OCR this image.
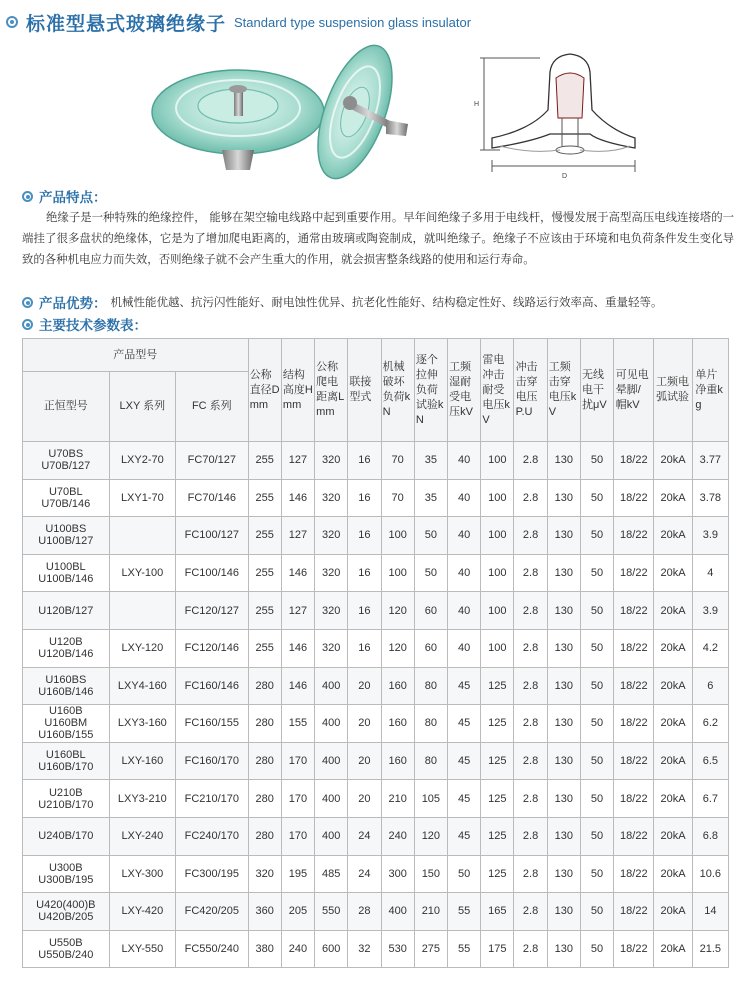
标准型悬式玻璃绝缘子 Standard type suspension glass insulator
H
D
产品特点：
绝缘子是一种特殊的绝缘控件， 能够在架空输电线路中起到重要作用。早年间绝缘子多用于电线杆，慢慢发展于高型高压电线连接塔的一端挂了很多盘状的绝缘体，它是为了增加爬电距离的，通常由玻璃或陶瓷制成，就叫绝缘子。绝缘子不应该由于环境和电负荷条件发生变化导致的各种机电应力而失效，否则绝缘子就不会产生重大的作用，就会损害整条线路的使用和运行寿命。
产品优势： 机械性能优越、抗污闪性能好、耐电蚀性优异、抗老化性能好、结构稳定性好、线路运行效率高、重量轻等。
主要技术参数表：
产品型号			公称直径D mm	结构高度H mm	公称爬电距离L mm	联接型式	机械破坏负荷kN	逐个拉伸负荷试验kN	工频湿耐受电压kV	雷电冲击耐受电压kV	冲击击穿电压P.U	工频击穿电压kV	无线电干扰μV	可见电晕脚/帽kV	工频电弧试验	单片净重kg
正恒型号	LXY 系列	FC 系列														
U70BS
U70B/127	LXY2-70	FC70/127	255	127	320	16	70	35	40	100	2.8	130	50	18/22	20kA	3.77
U70BL
U70B/146	LXY1-70	FC70/146	255	146	320	16	70	35	40	100	2.8	130	50	18/22	20kA	3.78
U100BS
U100B/127		FC100/127	255	127	320	16	100	50	40	100	2.8	130	50	18/22	20kA	3.9
U100BL
U100B/146	LXY-100	FC100/146	255	146	320	16	100	50	40	100	2.8	130	50	18/22	20kA	4
U120B/127		FC120/127	255	127	320	16	120	60	40	100	2.8	130	50	18/22	20kA	3.9
U120B
U120B/146	LXY-120	FC120/146	255	146	320	16	120	60	40	100	2.8	130	50	18/22	20kA	4.2
U160BS
U160B/146	LXY4-160	FC160/146	280	146	400	20	160	80	45	125	2.8	130	50	18/22	20kA	6
U160B
U160BM
U160B/155	LXY3-160	FC160/155	280	155	400	20	160	80	45	125	2.8	130	50	18/22	20kA	6.2
U160BL
U160B/170	LXY-160	FC160/170	280	170	400	20	160	80	45	125	2.8	130	50	18/22	20kA	6.5
U210B
U210B/170	LXY3-210	FC210/170	280	170	400	20	210	105	45	125	2.8	130	50	18/22	20kA	6.7
U240B/170	LXY-240	FC240/170	280	170	400	24	240	120	45	125	2.8	130	50	18/22	20kA	6.8
U300B
U300B/195	LXY-300	FC300/195	320	195	485	24	300	150	50	125	2.8	130	50	18/22	20kA	10.6
U420(400)B
U420B/205	LXY-420	FC420/205	360	205	550	28	400	210	55	165	2.8	130	50	18/22	20kA	14
U550B
U550B/240	LXY-550	FC550/240	380	240	600	32	530	275	55	175	2.8	130	50	18/22	20kA	21.5
